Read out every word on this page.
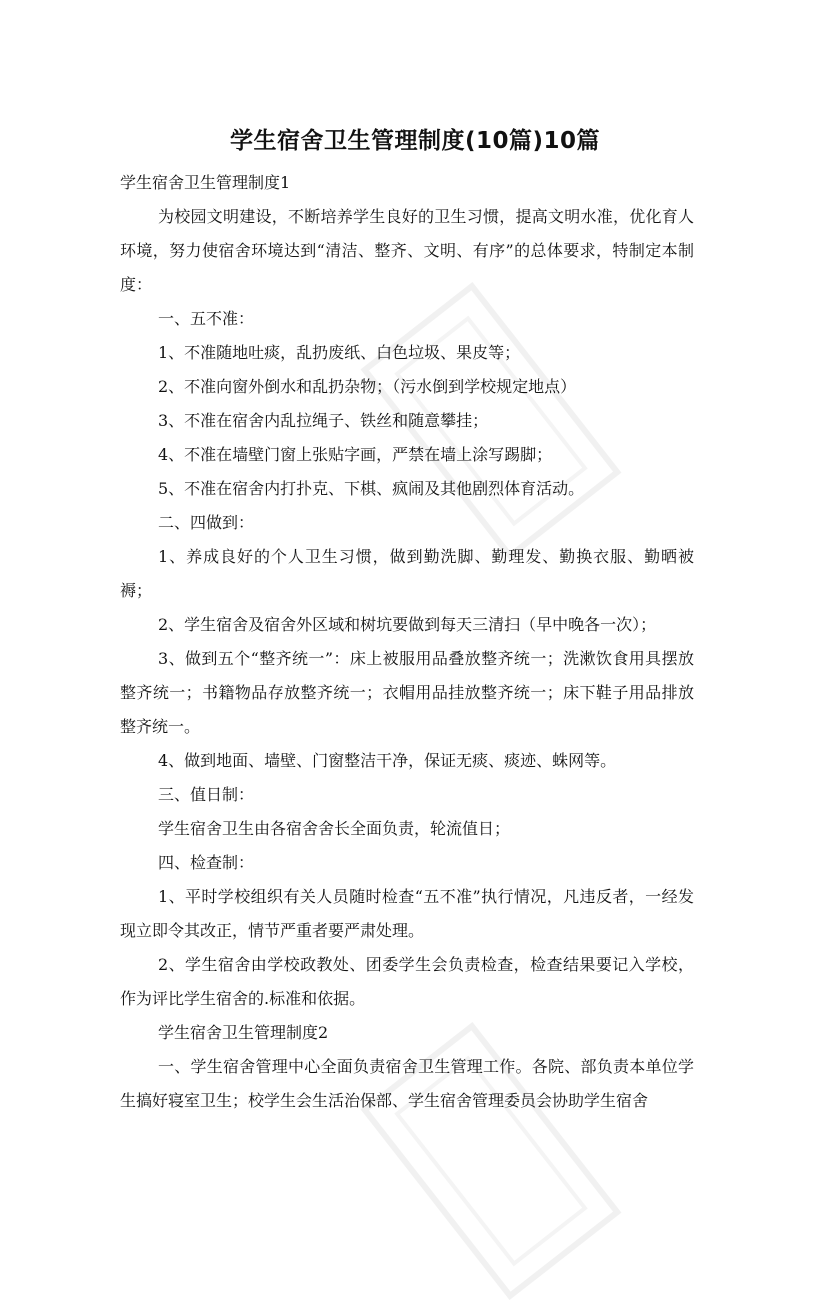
学生宿舍卫生管理制度(10篇)10篇

学生宿舍卫生管理制度1

为校园文明建设，不断培养学生良好的卫生习惯，提高文明水准，优化育人环境，努力使宿舍环境达到“清洁、整齐、文明、有序”的总体要求，特制定本制度：

一、五不准：

1、不准随地吐痰，乱扔废纸、白色垃圾、果皮等；

2、不准向窗外倒水和乱扔杂物；（污水倒到学校规定地点）

3、不准在宿舍内乱拉绳子、铁丝和随意攀挂；

4、不准在墙壁门窗上张贴字画，严禁在墙上涂写踢脚；

5、不准在宿舍内打扑克、下棋、疯闹及其他剧烈体育活动。

二、四做到：

1、养成良好的个人卫生习惯，做到勤洗脚、勤理发、勤换衣服、勤晒被褥；

2、学生宿舍及宿舍外区域和树坑要做到每天三清扫（早中晚各一次）；

3、做到五个“整齐统一”：床上被服用品叠放整齐统一；洗漱饮食用具摆放整齐统一；书籍物品存放整齐统一；衣帽用品挂放整齐统一；床下鞋子用品排放整齐统一。

4、做到地面、墙壁、门窗整洁干净，保证无痰、痰迹、蛛网等。

三、值日制：

学生宿舍卫生由各宿舍舍长全面负责，轮流值日；

四、检查制：

1、平时学校组织有关人员随时检查“五不准”执行情况，凡违反者，一经发现立即令其改正，情节严重者要严肃处理。

2、学生宿舍由学校政教处、团委学生会负责检查，检查结果要记入学校，作为评比学生宿舍的.标准和依据。

学生宿舍卫生管理制度2

一、学生宿舍管理中心全面负责宿舍卫生管理工作。各院、部负责本单位学生搞好寝室卫生；校学生会生活治保部、学生宿舍管理委员会协助学生宿舍
